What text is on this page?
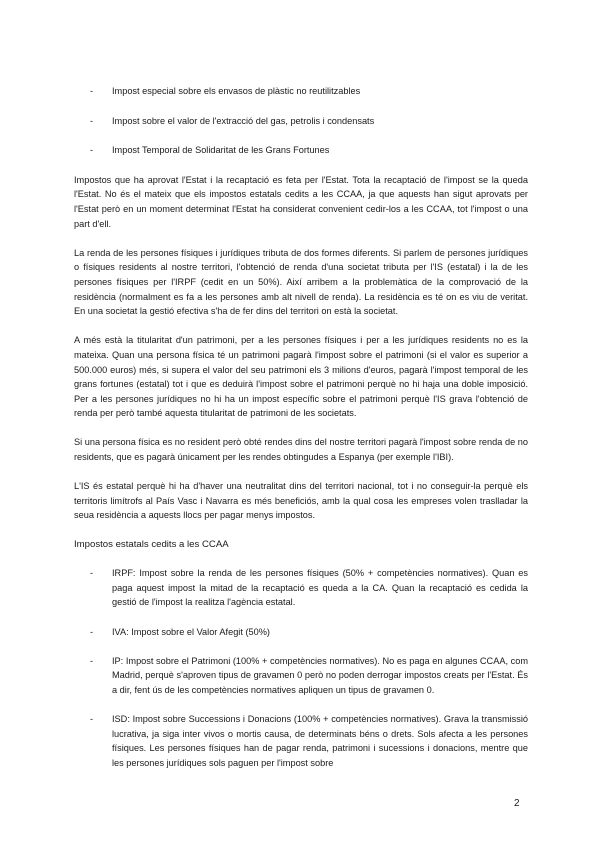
- Impost especial sobre els envasos de plàstic no reutilitzables
- Impost sobre el valor de l'extracció del gas, petrolis i condensats
- Impost Temporal de Solidaritat de les Grans Fortunes

Impostos que ha aprovat l'Estat i la recaptació es feta per l'Estat. Tota la recaptació de l'impost se la queda l'Estat. No és el mateix que els impostos estatals cedits a les CCAA, ja que aquests han sigut aprovats per l'Estat però en un moment determinat l'Estat ha considerat convenient cedir-los a les CCAA, tot l'impost o una part d'ell.

La renda de les persones físiques i jurídiques tributa de dos formes diferents. Si parlem de persones jurídiques o físiques residents al nostre territori, l'obtenció de renda d'una societat tributa per l'IS (estatal) i la de les persones físiques per l'IRPF (cedit en un 50%). Així arribem a la problemàtica de la comprovació de la residència (normalment es fa a les persones amb alt nivell de renda). La residència es té on es viu de veritat. En una societat la gestió efectiva s'ha de fer dins del territori on està la societat.

A més està la titularitat d'un patrimoni, per a les persones físiques i per a les jurídiques residents no es la mateixa. Quan una persona física té un patrimoni pagarà l'impost sobre el patrimoni (si el valor es superior a 500.000 euros) més, si supera el valor del seu patrimoni els 3 milions d'euros, pagarà l'impost temporal de les grans fortunes (estatal) tot i que es deduirà l'impost sobre el patrimoni perquè no hi haja una doble imposició. Per a les persones jurídiques no hi ha un impost específic sobre el patrimoni perquè l'IS grava l'obtenció de renda per però també aquesta titularitat de patrimoni de les societats.

Si una persona física es no resident però obté rendes dins del nostre territori pagarà l'impost sobre renda de no residents, que es pagarà únicament per les rendes obtingudes a Espanya (per exemple l'IBI).

L'IS és estatal perquè hi ha d'haver una neutralitat dins del territori nacional, tot i no conseguir-la perquè els territoris limítrofs al País Vasc i Navarra es més beneficiós, amb la qual cosa les empreses volen traslladar la seua residència a aquests llocs per pagar menys impostos.

Impostos estatals cedits a les CCAA
- IRPF: Impost sobre la renda de les persones físiques (50% + competències normatives). Quan es paga aquest impost la mitad de la recaptació es queda a la CA. Quan la recaptació es cedida la gestió de l'impost la realitza l'agència estatal.
- IVA: Impost sobre el Valor Afegit (50%)
- IP: Impost sobre el Patrimoni (100% + competències normatives). No es paga en algunes CCAA, com Madrid, perquè s'aproven tipus de gravamen 0 però no poden derrogar impostos creats per l'Estat. És a dir, fent ús de les competències normatives apliquen un tipus de gravamen 0.
- ISD: Impost sobre Successions i Donacions (100% + competències normatives). Grava la transmissió lucrativa, ja siga inter vivos o mortis causa, de determinats béns o drets. Sols afecta a les persones físiques. Les persones físiques han de pagar renda, patrimoni i sucessions i donacions, mentre que les persones jurídiques sols paguen per l'impost sobre
2
